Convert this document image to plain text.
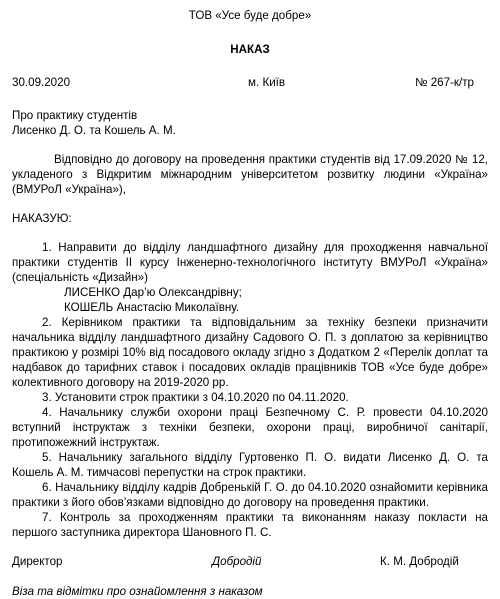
ТОВ «Усе буде добре»
НАКАЗ
30.09.2020	м. Київ	№ 267-к/тр
Про практику студентів
Лисенко Д. О. та Кошель А. М.
Відповідно до договору на проведення практики студентів від 17.09.2020 № 12, укладеного з Відкритим міжнародним університетом розвитку людини «Україна» (ВМУРоЛ «Україна»),
НАКАЗУЮ:
1. Направити до відділу ландшафтного дизайну для проходження навчальної практики студентів II курсу Інженерно-технологічного інституту ВМУРоЛ «Україна» (спеціальність «Дизайн»)
ЛИСЕНКО Дар’ю Олександрівну;
КОШЕЛЬ Анастасію Миколаївну.
2. Керівником практики та відповідальним за техніку безпеки призначити начальника відділу ландшафтного дизайну Садового О. П. з доплатою за керівництво практикою у розмірі 10% від посадового окладу згідно з Додатком 2 «Перелік доплат та надбавок до тарифних ставок і посадових окладів працівників ТОВ «Усе буде добре» колективного договору на 2019-2020 рр.
3. Установити строк практики з 04.10.2020 по 04.11.2020.
4. Начальнику служби охорони праці Безпечному С. Р. провести 04.10.2020 вступний інструктаж з техніки безпеки, охорони праці, виробничої санітарії, протипожежний інструктаж.
5. Начальнику загального відділу Гуртовенко П. О. видати Лисенко Д. О. та Кошель А. М. тимчасові перепустки на строк практики.
6. Начальнику відділу кадрів Добренькій Г. О. до 04.10.2020 ознайомити керівника практики з його обов’язками відповідно до договору на проведення практики.
7. Контроль за проходженням практики та виконанням наказу покласти на першого заступника директора Шановного П. С.
Директор	Добродій	К. М. Добродій
Віза та відмітки про ознайомлення з наказом
